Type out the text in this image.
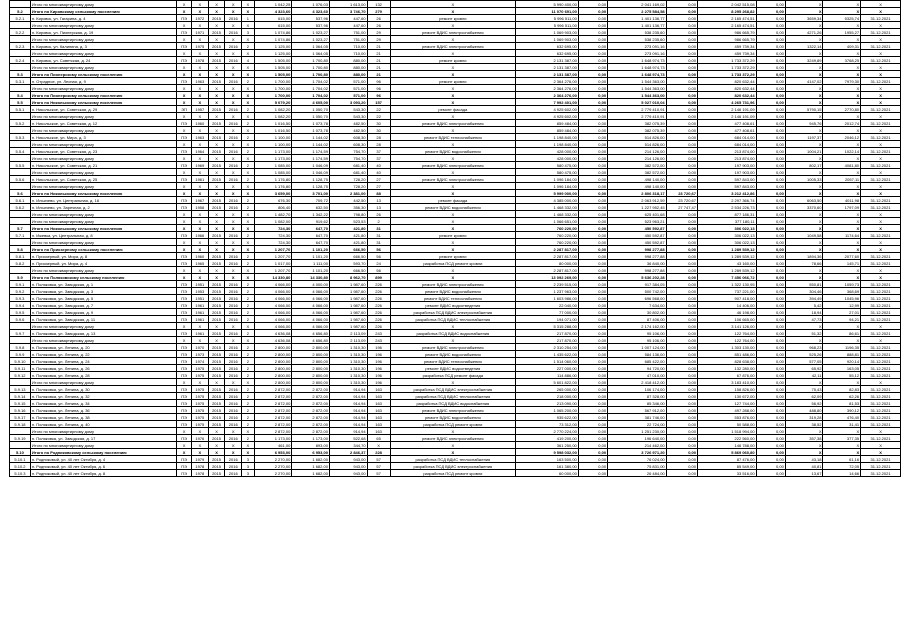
	Итого по многоквартирному дому	Х	Х	Х	Х	Х	1 042,25	1 076,03	1 613,00	132	Х	5 990 400,00	0,00	2 041 169,02	0,00	2 042 515,08	0,00	Х	Х	Х
5.2	Итого по Кировскому сельскому поселению	Х	Х	Х	Х	Х	4 323,60	4 323,60	3 746,70	279	Х	11 070 691,00	0,00	2 275 584,58	0,00	8 295 268,82	0,00	Х	Х	Х
5.2.1	п. Кировск, ул. Гагарина, д. 4	ПЭ	1972	2015	2016	1	615,00	537,96	447,60	26	ремонт кровли	5 996 511,00	0,00	1 401 136,77	0,00	2 165 474,51	0,00	3659,34	5325,74	31.12.2021
	Итого по многоквартирному дому	Х	Х	Х	Х	Х	615,00	537,96	447,60	26	Х	5 996 511,00	0,00	1 401 136,77	0,00	2 165 474,51	0,00	Х	Х	Х
5.2.2	п. Кировск, ул. Пионерская, д. 19	ПЭ	1971	2015	2016	3	1 074,86	1 023,27	751,00	29	ремонт ВДИС электроснабжения	1 069 903,00	0,00	538 235,60	0,00	986 665,79	0,00	4271,26	1955,27	31.12.2021
	Итого по многоквартирному дому	Х	Х	Х	Х	Х	1 074,86	1 023,27	751,00	29	Х	1 069 903,00	0,00	538 235,60	0,00	986 665,79	0,00	Х	Х	Х
5.2.3	п. Кировск, ул. Калинина, д. 3	ПЭ	1975	2015	2016	2	1 125,00	1 064,05	710,00	21	ремонт ВДИС электроснабжения	632 695,00	0,00	273 091,16	0,00	459 739,34	0,00	1322,14	409,31	31.12.2021
	Итого по многоквартирному дому	Х	Х	Х	Х	Х	1 125,00	1 064,05	710,00	21	Х	632 695,00	0,00	273 091,16	0,00	459 739,34	0,00	Х	Х	Х
5.2.4	п. Кировск, ул. Советская, д. 24	ПЭ	1978	2015	2016	4	1 505,00	1 700,80	880,00	21	ремонт кровли	2 131 387,00	0,00	1 648 974,73	0,00	1 733 372,29	0,00	3249,89	3768,25	31.12.2021
	Итого по многоквартирному дому	Х	Х	Х	Х	Х	1 505,00	1 700,80	880,00	21	Х	2 131 387,00	0,00	1 648 974,73	0,00	1 733 372,29	0,00	Х	Х	Х
5.3	Итого по Пионерскому сельскому поселению	Х	Х	Х	Х	Х	1 505,00	1 700,80	880,00	21	Х	2 131 387,00	0,00	1 648 974,73	0,00	1 733 372,29	0,00	Х	Х	Х
5.3.1	п. Отрадное, ул. Лесная, д. 9	ПЭ	1963	2015	2016	2	1 700,00	1 704,02	571,00	96	ремонт кровли	2 364 276,00	0,00	1 544 363,00	0,00	820 632,44	0,00	4147,02	7979,30	31.12.2021
	Итого по многоквартирному дому	Х	Х	Х	Х	Х	1 700,00	1 704,02	571,00	96	Х	2 364 276,00	0,00	1 544 363,00	0,00	820 632,44	0,00	Х	Х	Х
5.4	Итого по Пионерскому сельскому поселению	Х	Х	Х	Х	Х	1 700,00	1 704,02	571,00	96	Х	2 364 276,00	0,00	1 544 363,00	0,00	820 632,44	0,00	Х	Х	Х
5.5	Итого по Никольскому сельскому поселению	Х	Х	Х	Х	Х	5 079,20	4 605,00	3 093,20	157	Х	7 992 401,00	0,00	5 027 010,04	0,00	4 265 731,96	0,00	Х	Х	Х
5.5.1	п. Никольское, ул. Советская, д. 29	ЭП	1957	2015	2016	2	1 082,20	1 050,70	543,30	22	ремонт фасада	4 925 602,00	0,00	2 779 410,91	0,00	2 146 191,09	0,00	5790,15	2770,80	31.12.2021
	Итого по многоквартирному дому	Х	Х	Х	Х	Х	1 082,20	1 050,70	543,30	22	Х	4 925 602,00	0,00	2 779 410,91	0,00	2 146 191,09	0,00	Х	Х	Х
5.5.2	п. Никольское, ул. Советская, д. 12	ПЭ	1960	2015	2016	2	1 016,50	1 073,78	482,50	30	ремонт ВДИС электроснабжения	859 484,00	0,00	382 075,39	0,00	477 408,61	0,00	945,76	2012,74	31.12.2021
	Итого по многоквартирному дому	Х	Х	Х	Х	Х	1 016,50	1 073,78	482,50	30	Х	859 484,00	0,00	382 075,39	0,00	477 408,61	0,00	Х	Х	Х
5.5.3	п. Никольское, ул. Мира, д. 3	ПЭ	1963	2015	2016	2	1 100,00	1 144,02	608,30	28	ремонт ВДИС теплоснабжения	1 198 840,00	0,00	514 826,00	0,00	684 014,00	0,00	1197,37	2046,12	31.12.2021
	Итого по многоквартирному дому	Х	Х	Х	Х	Х	1 100,00	1 144,02	608,30	28	Х	1 198 840,00	0,00	514 826,00	0,00	684 014,00	0,00	Х	Х	Х
5.5.4	п. Никольское, ул. Советская, д. 23	ПЭ	1964	2015	2016	2	1 173,00	1 174,59	754,70	37	ремонт ВДИС водоснабжения	428 000,00	0,00	214 126,00	0,00	213 874,00	0,00	1004,21	1022,14	31.12.2021
	Итого по многоквартирному дому	Х	Х	Х	Х	Х	1 173,00	1 174,59	754,70	37	Х	428 000,00	0,00	214 126,00	0,00	213 874,00	0,00	Х	Х	Х
5.5.5	п. Никольское, ул. Советская, д. 21	ПЭ	1969	2015	2016	2	1 085,00	1 046,09	681,40	40	ремонт ВДИС электроснабжения	580 475,00	0,00	382 572,00	0,00	197 903,00	0,00	802,17	4081,80	31.12.2021
	Итого по многоквартирному дому	Х	Х	Х	Х	Х	1 085,00	1 046,09	681,40	40	Х	580 475,00	0,00	382 572,00	0,00	197 903,00	0,00	Х	Х	Х
5.5.6	п. Никольское, ул. Советская, д. 25	ПЭ	1961	2015	2016	2	1 176,80	1 128,75	728,20	27	ремонт ВДИС электроснабжения	1 096 184,00	0,00	498 140,00	0,00	597 843,00	0,00	1005,33	2057,11	31.12.2021
	Итого по многоквартирному дому	Х	Х	Х	Х	Х	1 176,80	1 128,75	728,20	27	Х	1 096 184,00	0,00	498 140,00	0,00	597 843,00	0,00	Х	Х	Х
5.6	Итого по Никольскому сельскому поселению	Х	Х	Х	Х	Х	3 659,00	3 701,00	2 381,00	88	Х	5 999 000,00	0,00	2 806 318,17	23 720,67	3 212 412,86	0,00	Х	Х	Х
5.6.1	п. Ильичево, ул. Центральная, д. 16	ПЭ	1967	2015	2016	2	676,30	709,72	442,50	13	ремонт фасада	4 385 000,00	0,00	2 063 912,59	23 720,67	2 297 366,74	0,00	6063,50	4011,98	31.12.2021
5.6.2	п. Ильичево, ул. Заречная, д. 2	ПЭ	1958	2015	2016	2	806,40	632,50	356,30	13	ремонт ВДИС водоснабжения	1 468 332,00	0,00	1 227 952,45	27 747,47	2 534 226,73	0,00	3370,60	1797,09	31.12.2021
	Итого по многоквартирному дому	Х	Х	Х	Х	Х	1 482,70	1 342,22	798,80	26	Х	1 468 332,00	0,00	625 401,68	0,00	877 186,31	0,00	Х	Х	Х
	Итого по многоквартирному дому	Х	Х	Х	Х	Х	1 082,00	919,62	523,53	2	Х	1 066 651,00	0,00	523 963,21	0,00	377 180,11	0,00	Х	Х	Х
5.7	Итого по Никольскому сельскому поселению	Х	Х	Х	Х	Х	724,30	647,70	421,80	31	Х	760 220,00	0,00	450 592,87	0,00	306 022,13	0,00	Х	Х	Х
5.7.1	п. Ижевка, ул. Центральная, д. 8	ПЭ	1966	2015	2016	2	724,30	647,70	421,80	31	ремонт кровли	760 220,00	0,00	450 592,87	0,00	306 022,13	0,00	1049,58	1174,64	31.12.2021
	Итого по многоквартирному дому	Х	Х	Х	Х	Х	724,30	647,70	421,80	31	Х	760 220,00	0,00	450 592,87	0,00	306 022,13	0,00	Х	Х	Х
5.8	Итого по Приозерному сельскому поселению	Х	Х	Х	Х	Х	1 207,70	1 101,20	666,50	56	Х	2 287 817,00	0,00	998 277,88	0,00	1 289 539,12	0,00	Х	Х	Х
5.8.1	п. Приозерный, ул. Мира, д. 8	ПЭ	1960	2015	2016	2	1 207,70	1 101,20	666,50	56	ремонт кровли	2 287 817,00	0,00	998 277,88	0,00	1 289 539,12	0,00	1894,36	2077,60	31.12.2021
5.8.2	п. Приозерный, ул. Мира, д. 4	ПЭ	1965	2015	2016	2	1 017,00	1 111,00	593,70	24	разработка ПСД ремонт кровли	80 000,00	0,00	36 840,00	0,00	43 160,00	0,00	78,66	145,71	31.12.2021
	Итого по многоквартирному дому	Х	Х	Х	Х	Х	1 207,70	1 101,20	666,50	56	Х	2 287 817,00	0,00	998 277,88	0,00	1 289 539,12	0,00	Х	Х	Х
5.9	Итого по Поляковскому сельскому поселению	Х	Х	Х	Х	Х	14 330,80	14 330,80	8 962,70	899	Х	13 092 269,00	0,00	5 636 202,28	0,00	7 456 066,72	0,00	Х	Х	Х
5.9.1	п. Поляковка, ул. Заводская, д. 1	ПЭ	1951	2015	2016	2	4 066,00	4 000,00	1 987,60	226	ремонт ВДИС электроснабжения	2 239 515,00	0,00	917 384,05	0,00	1 322 130,95	0,00	550,81	1059,73	31.12.2021
5.9.2	п. Поляковка, ул. Заводская, д. 3	ПЭ	1953	2015	2016	2	4 066,00	4 066,00	1 987,60	226	ремонт ВДИС водоснабжения	1 237 963,00	0,00	500 742,00	0,00	737 221,00	0,00	304,46	368,69	31.12.2021
5.9.3	п. Поляковка, ул. Заводская, д. 5	ПЭ	1951	2015	2016	2	4 066,00	4 066,00	1 987,60	226	ремонт ВДИС теплоснабжения	1 603 986,00	0,00	696 568,00	0,00	907 418,00	0,00	394,49	1045,96	31.12.2021
5.9.4	п. Поляковка, ул. Заводская, д. 7	ПЭ	1961	2015	2016	2	4 066,00	4 066,00	1 987,60	226	ремонт ВДИС водоотведения	22 040,00	0,00	7 634,00	0,00	14 406,00	0,00	5,42	12,99	31.12.2021
5.9.5	п. Поляковка, ул. Заводская, д. 9	ПЭ	1961	2015	2016	2	4 066,00	4 066,00	1 987,60	226	разработка ПСД ВДИС электроснабжения	77 000,00	0,00	30 802,00	0,00	46 198,00	0,00	18,94	27,01	31.12.2021
5.9.6	п. Поляковка, ул. Заводская, д. 11	ПЭ	1961	2015	2016	2	4 066,00	4 066,00	1 987,60	226	разработка ПСД ВДИС теплоснабжения	194 071,00	0,00	87 406,00	0,00	106 665,00	0,00	47,73	94,21	31.12.2021
	Итого по многоквартирному дому	Х	Х	Х	Х	Х	4 066,00	4 066,00	1 987,60	226	Х	5 315 288,00	0,00	2 174 162,00	0,00	3 141 126,00	0,00	Х	Х	Х
5.9.7	п. Поляковка, ул. Заводская, д. 13	ПЭ	1961	2015	2016	2	4 636,08	4 656,80	2 113,09	243	разработка ПСД ВДИС водоснабжения	217 870,00	0,00	95 106,00	0,00	122 764,00	0,00	51,32	86,61	31.12.2021
	Итого по многоквартирному дому	Х	Х	Х	Х	Х	4 636,08	4 656,80	2 113,09	243	Х	217 870,00	0,00	95 106,00	0,00	122 764,00	0,00	Х	Х	Х
5.9.8	п. Поляковка, ул. Ленина, д. 20	ПЭ	1970	2015	2016	2	2 800,00	2 800,00	1 310,30	196	ремонт ВДИС электроснабжения	2 310 254,00	0,00	1 007 124,00	0,00	1 303 130,00	0,00	968,23	1196,35	31.12.2021
5.9.9	п. Поляковка, ул. Ленина, д. 22	ПЭ	1973	2015	2016	2	2 800,00	2 800,00	1 310,30	196	ремонт ВДИС водоснабжения	1 435 622,00	0,00	584 136,00	0,00	851 486,00	0,00	525,26	888,81	31.12.2021
5.9.10	п. Поляковка, ул. Ленина, д. 24	ПЭ	1974	2015	2016	2	2 800,00	2 800,00	1 310,30	196	ремонт ВДИС теплоснабжения	1 514 060,00	0,00	685 422,00	0,00	828 638,00	0,00	577,05	920,14	31.12.2021
5.9.11	п. Поляковка, ул. Ленина, д. 26	ПЭ	1975	2015	2016	2	2 800,00	2 800,00	1 310,30	196	ремонт ВДИС водоотведения	227 000,00	0,00	94 720,00	0,00	132 280,00	0,00	65,92	163,05	31.12.2021
5.9.12	п. Поляковка, ул. Ленина, д. 28	ПЭ	1975	2015	2016	2	2 800,00	2 800,00	1 310,30	196	разработка ПСД ремонт фасада	114 886,00	0,00	47 010,00	0,00	67 876,00	0,00	42,11	55,12	31.12.2021
	Итого по многоквартирному дому	Х	Х	Х	Х	Х	2 800,00	2 800,00	1 310,30	196	Х	5 601 822,00	0,00	2 418 412,00	0,00	3 183 410,00	0,00	Х	Х	Х
5.9.13	п. Поляковка, ул. Ленина, д. 30	ПЭ	1975	2015	2016	2	2 872,00	2 872,00	914,94	163	разработка ПСД ВДИС электроснабжения	265 000,00	0,00	106 174,00	0,00	158 826,00	0,00	75,43	82,83	31.12.2021
5.9.14	п. Поляковка, ул. Ленина, д. 32	ПЭ	1975	2015	2016	2	2 872,00	2 872,00	914,94	163	разработка ПСД ВДИС теплоснабжения	218 000,00	0,00	87 328,00	0,00	130 672,00	0,00	62,09	62,26	31.12.2021
5.9.15	п. Поляковка, ул. Ленина, д. 34	ПЭ	1975	2015	2016	2	2 872,00	2 872,00	914,94	163	разработка ПСД ВДИС водоснабжения	213 090,00	0,00	85 346,00	0,00	127 744,00	0,00	56,92	81,53	31.12.2021
5.9.16	п. Поляковка, ул. Ленина, д. 36	ПЭ	1975	2015	2016	2	2 872,00	2 872,00	914,94	163	ремонт ВДИС электроснабжения	1 065 200,00	0,00	567 912,00	0,00	497 288,00	0,00	488,80	390,12	31.12.2021
5.9.17	п. Поляковка, ул. Ленина, д. 38	ПЭ	1975	2015	2016	2	2 872,00	2 872,00	914,94	163	ремонт ВДИС водоснабжения	935 622,00	0,00	381 746,00	0,00	553 876,00	0,00	319,28	476,40	31.12.2021
5.9.18	п. Поляковка, ул. Ленина, д. 40	ПЭ	1975	2015	2016	2	2 872,00	2 872,00	914,94	163	разработка ПСД ремонт кровли	73 312,00	0,00	22 724,00	0,00	50 588,00	0,00	38,52	31,41	31.12.2021
	Итого по многоквартирному дому	Х	Х	Х	Х	Х	2 872,00	2 872,00	914,94	163	Х	2 770 224,00	0,00	1 251 230,00	0,00	1 518 994,00	0,00	Х	Х	Х
5.9.19	п. Поляковка, ул. Заводская, д. 17	ПЭ	1976	2015	2016	2	1 173,00	1 173,00	522,68	65	ремонт ВДИС электроснабжения	419 200,00	0,00	196 640,00	0,00	222 560,00	0,00	357,38	377,35	31.12.2021
	Итого по многоквартирному дому	Х	Х	Х	Х	Х	461,00	893,00	344,70	Х	Х	361 250,00	0,00	214 462,00	0,00	146 788,00	0,00	Х	Х	Х
5.10	Итого по Родниковскому сельскому поселению	Х	Х	Х	Х	Х	6 953,00	6 953,00	2 846,37	228	Х	9 598 032,00	0,00	3 726 971,20	0,00	5 869 060,80	0,00	Х	Х	Х
5.10.1	п. Родниковый, ул. 40 лет Октября, д. 4	ПЭ	1979	2015	2016	3	2 270,00	1 682,00	943,00	57	разработка ПСД ВДИС теплоснабжения	163 500,00	0,00	76 024,00	0,00	87 476,00	0,00	43,18	61,16	31.12.2021
5.10.2	п. Родниковый, ул. 40 лет Октября, д. 6	ПЭ	1978	2015	2016	3	2 270,00	1 682,00	943,00	57	разработка ПСД ВДИС электроснабжения	161 380,00	0,00	75 831,00	0,00	85 549,00	0,00	40,81	72,05	31.12.2021
5.10.3	п. Родниковый, ул. 40 лет Октября, д. 8	ПЭ	1978	2015	2016	3	2 270,00	1 682,00	943,00	57	разработка ПСД ремонт кровли	60 000,00	0,00	26 484,00	0,00	33 516,00	0,00	13,67	14,66	31.12.2021
